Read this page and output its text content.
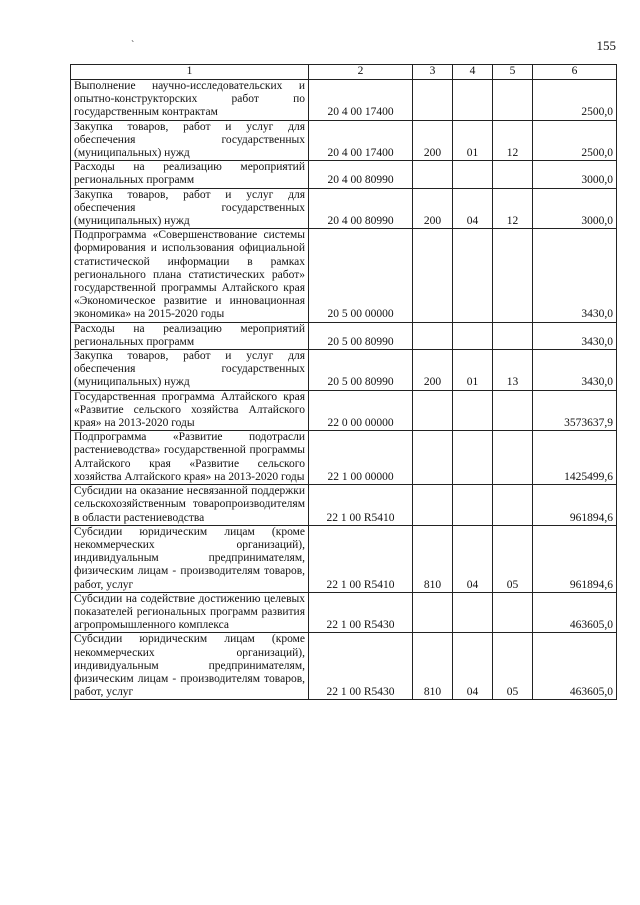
`	155
1	2	3	4	5	6
Выполнение научно-исследовательских и опытно-конструкторских работ по государственным контрактам	20 4 00 17400				2500,0
Закупка товаров, работ и услуг для обеспечения государственных (муниципальных) нужд	20 4 00 17400	200	01	12	2500,0
Расходы на реализацию мероприятий региональных программ	20 4 00 80990				3000,0
Закупка товаров, работ и услуг для обеспечения государственных (муниципальных) нужд	20 4 00 80990	200	04	12	3000,0
Подпрограмма «Совершенствование системы формирования и использования официальной статистической информации в рамках регионального плана статистических работ» государственной программы Алтайского края «Экономическое развитие и инновационная экономика» на 2015-2020 годы	20 5 00 00000				3430,0
Расходы на реализацию мероприятий региональных программ	20 5 00 80990				3430,0
Закупка товаров, работ и услуг для обеспечения государственных (муниципальных) нужд	20 5 00 80990	200	01	13	3430,0
Государственная программа Алтайского края «Развитие сельского хозяйства Алтайского края» на 2013-2020 годы	22 0 00 00000				3573637,9
Подпрограмма «Развитие подотрасли растениеводства» государственной программы Алтайского края «Развитие сельского хозяйства Алтайского края» на 2013-2020 годы	22 1 00 00000				1425499,6
Субсидии на оказание несвязанной поддержки сельскохозяйственным товаропроизводителям в области растениеводства	22 1 00 R5410				961894,6
Субсидии юридическим лицам (кроме некоммерческих организаций), индивидуальным предпринимателям, физическим лицам - производителям товаров, работ, услуг	22 1 00 R5410	810	04	05	961894,6
Субсидии на содействие достижению целевых показателей региональных программ развития агропромышленного комплекса	22 1 00 R5430				463605,0
Субсидии юридическим лицам (кроме некоммерческих организаций), индивидуальным предпринимателям, физическим лицам - производителям товаров, работ, услуг	22 1 00 R5430	810	04	05	463605,0
